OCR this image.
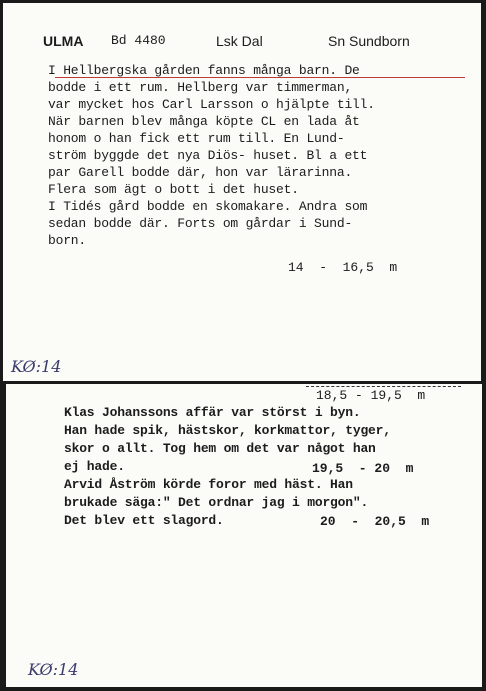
ULMA Bd 4480	Lsk Dal	Sn Sundborn
I Hellbergska gården fanns många barn. De
bodde i ett rum. Hellberg var timmerman,
var mycket hos Carl Larsson o hjälpte till.
När barnen blev många köpte CL en lada åt
honom o han fick ett rum till. En Lund-
ström byggde det nya Diös- huset. Bl a ett
par Garell bodde där, hon var lärarinna.
Flera som ägt o bott i det huset.
I Tidés gård bodde en skomakare. Andra som
sedan bodde där. Forts om gårdar i Sund-
born.
14  -  16,5  m
KØ:14
18,5 - 19,5  m
Klas Johanssons affär var störst i byn.
Han hade spik, hästskor, korkmattor, tyger,
skor o allt. Tog hem om det var något han
ej hade.	19,5  - 20  m
Arvid Åström körde foror med häst. Han
brukade säga:" Det ordnar jag i morgon".
Det blev ett slagord.	20  -  20,5  m
KØ:14
